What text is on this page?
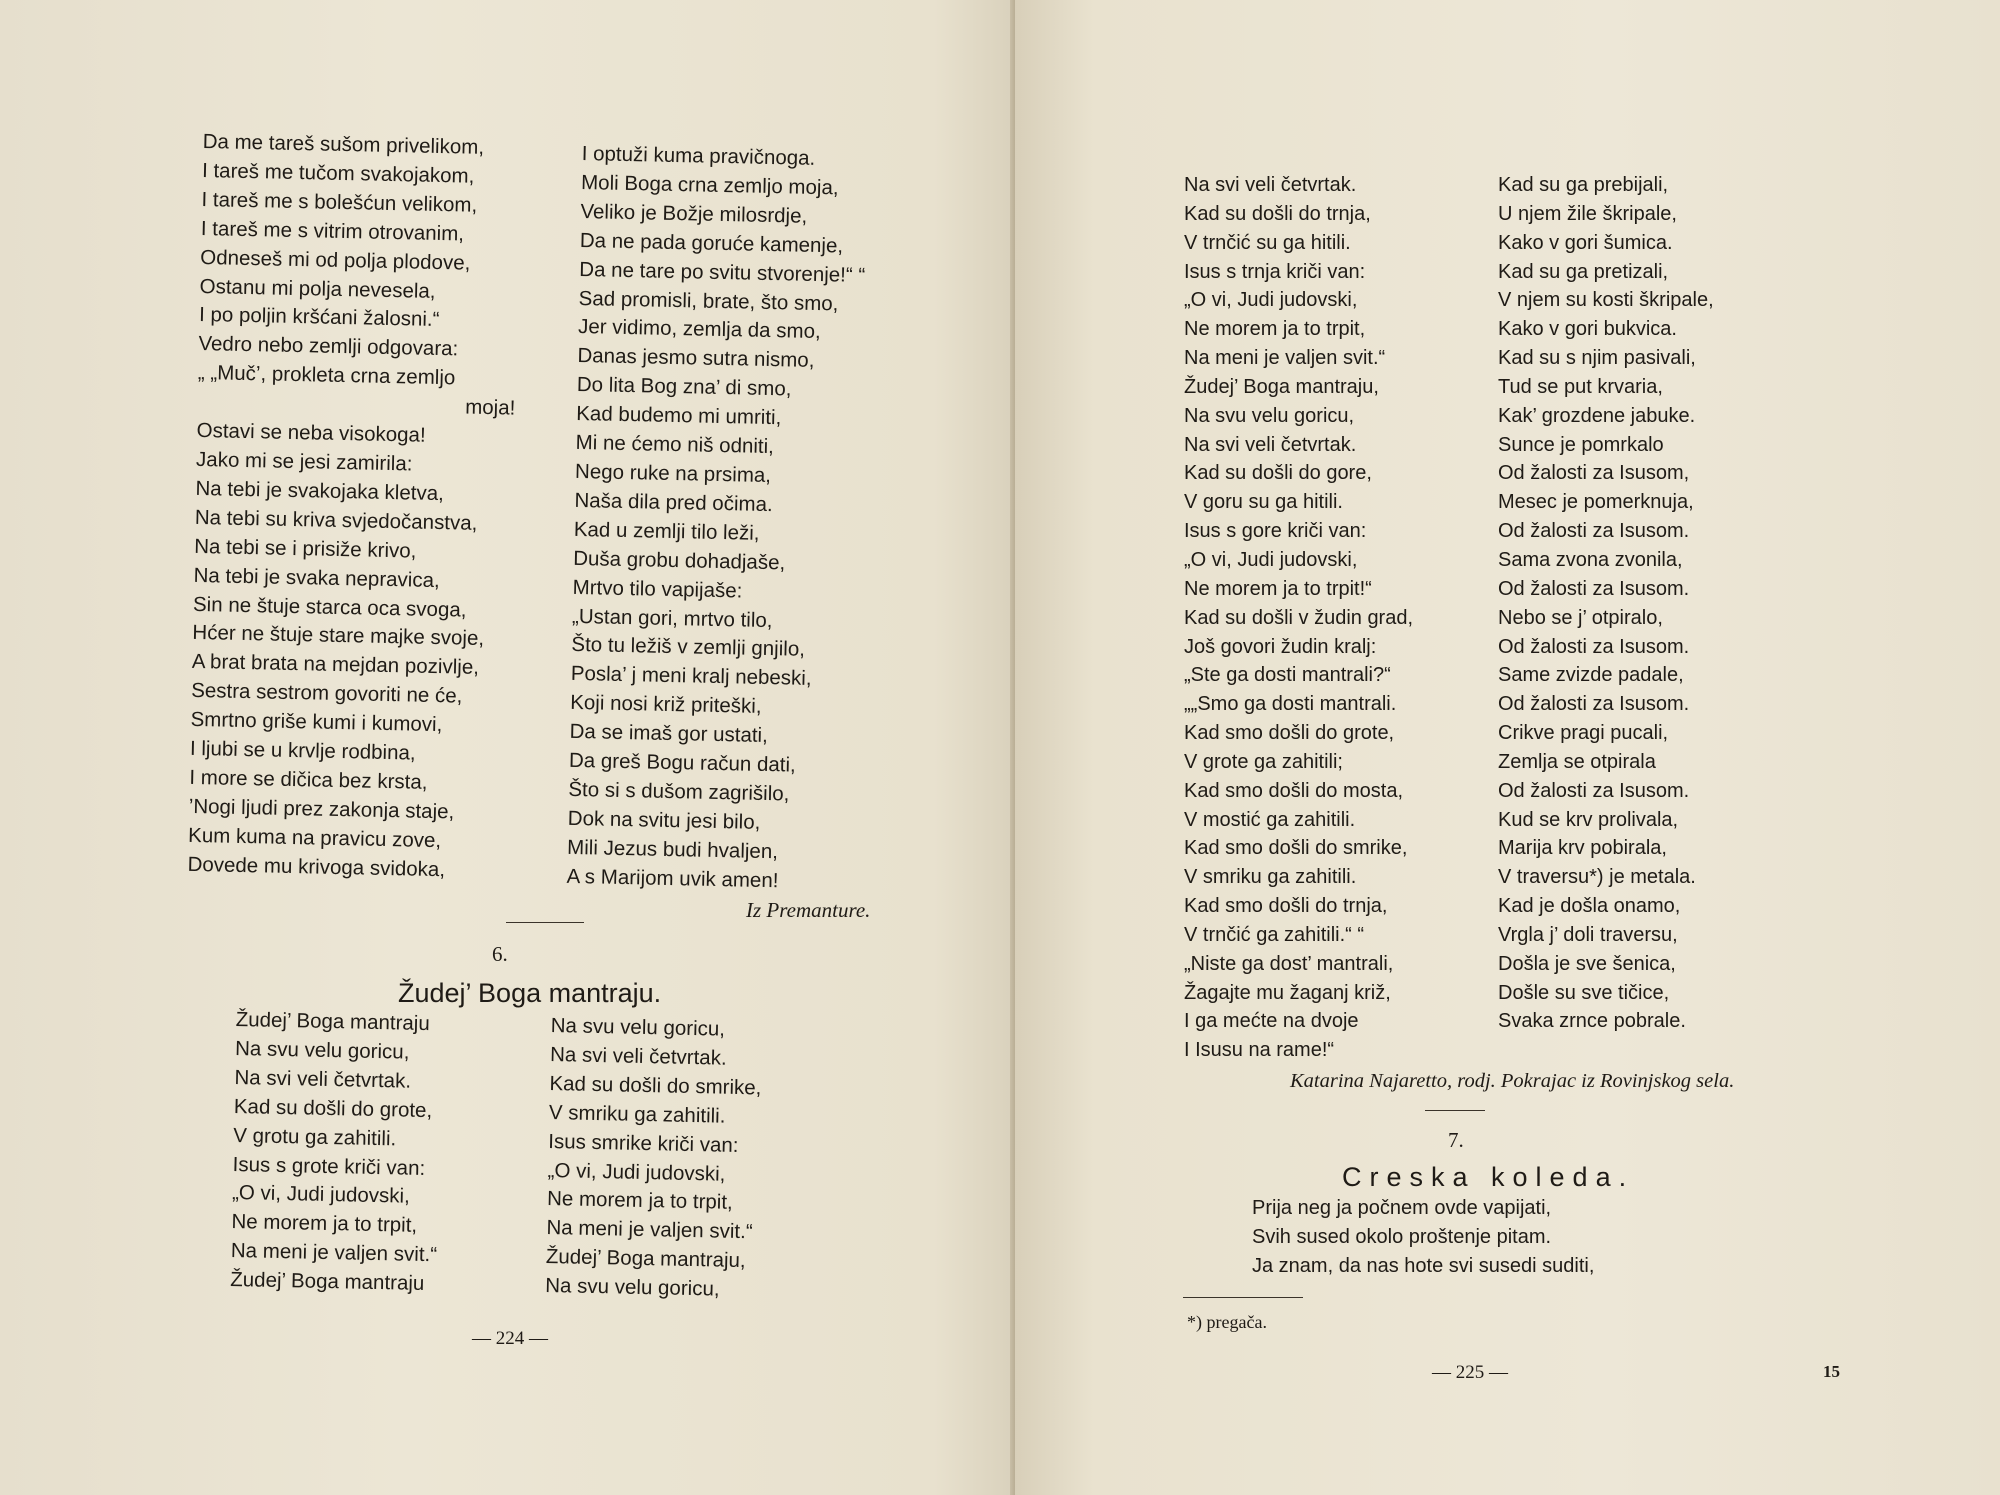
Da me tareš sušom privelikom,
I tareš me tučom svakojakom,
I tareš me s bolešćun velikom,
I tareš me s vitrim otrovanim,
Odneseš mi od polja plodove,
Ostanu mi polja nevesela,
I po poljin kršćani žalosni.“
Vedro nebo zemlji odgovara:
„ „Muč’, prokleta crna zemljo
moja!
Ostavi se neba visokoga!
Jako mi se jesi zamirila:
Na tebi je svakojaka kletva,
Na tebi su kriva svjedočanstva,
Na tebi se i prisiže krivo,
Na tebi je svaka nepravica,
Sin ne štuje starca oca svoga,
Hćer ne štuje stare majke svoje,
A brat brata na mejdan pozivlje,
Sestra sestrom govoriti ne će,
Smrtno griše kumi i kumovi,
I ljubi se u krvlje rodbina,
I more se dičica bez krsta,
’Nogi ljudi prez zakonja staje,
Kum kuma na pravicu zove,
Dovede mu krivoga svidoka,
I optuži kuma pravičnoga.
Moli Boga crna zemljo moja,
Veliko je Božje milosrdje,
Da ne pada goruće kamenje,
Da ne tare po svitu stvorenje!“ “
Sad promisli, brate, što smo,
Jer vidimo, zemlja da smo,
Danas jesmo sutra nismo,
Do lita Bog zna’ di smo,
Kad budemo mi umriti,
Mi ne ćemo niš odniti,
Nego ruke na prsima,
Naša dila pred očima.
Kad u zemlji tilo leži,
Duša grobu dohadjaše,
Mrtvo tilo vapijaše:
„Ustan gori, mrtvo tilo,
Što tu ležiš v zemlji gnjilo,
Posla’ j meni kralj nebeski,
Koji nosi križ priteški,
Da se imaš gor ustati,
Da greš Bogu račun dati,
Što si s dušom zagrišilo,
Dok na svitu jesi bilo,
Mili Jezus budi hvaljen,
A s Marijom uvik amen!
Iz Premanture.
6.
Žudej’ Boga mantraju.
Žudej’ Boga mantraju
Na svu velu goricu,
Na svi veli četvrtak.
Kad su došli do grote,
V grotu ga zahitili.
Isus s grote kriči van:
„O vi, Judi judovski,
Ne morem ja to trpit,
Na meni je valjen svit.“
Žudej’ Boga mantraju
Na svu velu goricu,
Na svi veli četvrtak.
Kad su došli do smrike,
V smriku ga zahitili.
Isus smrike kriči van:
„O vi, Judi judovski,
Ne morem ja to trpit,
Na meni je valjen svit.“
Žudej’ Boga mantraju,
Na svu velu goricu,
— 224 —
Na svi veli četvrtak.
Kad su došli do trnja,
V trnčić su ga hitili.
Isus s trnja kriči van:
„O vi, Judi judovski,
Ne morem ja to trpit,
Na meni je valjen svit.“
Žudej’ Boga mantraju,
Na svu velu goricu,
Na svi veli četvrtak.
Kad su došli do gore,
V goru su ga hitili.
Isus s gore kriči van:
„O vi, Judi judovski,
Ne morem ja to trpit!“
Kad su došli v žudin grad,
Još govori žudin kralj:
„Ste ga dosti mantrali?“
„„Smo ga dosti mantrali.
Kad smo došli do grote,
V grote ga zahitili;
Kad smo došli do mosta,
V mostić ga zahitili.
Kad smo došli do smrike,
V smriku ga zahitili.
Kad smo došli do trnja,
V trnčić ga zahitili.“ “
„Niste ga dost’ mantrali,
Žagajte mu žaganj križ,
I ga mećte na dvoje
I Isusu na rame!“
Kad su ga prebijali,
U njem žile škripale,
Kako v gori šumica.
Kad su ga pretizali,
V njem su kosti škripale,
Kako v gori bukvica.
Kad su s njim pasivali,
Tud se put krvaria,
Kak’ grozdene jabuke.
Sunce je pomrkalo
Od žalosti za Isusom,
Mesec je pomerknuja,
Od žalosti za Isusom.
Sama zvona zvonila,
Od žalosti za Isusom.
Nebo se j’ otpiralo,
Od žalosti za Isusom.
Same zvizde padale,
Od žalosti za Isusom.
Crikve pragi pucali,
Zemlja se otpirala
Od žalosti za Isusom.
Kud se krv prolivala,
Marija krv pobirala,
V traversu*) je metala.
Kad je došla onamo,
Vrgla j’ doli traversu,
Došla je sve šenica,
Došle su sve tičice,
Svaka zrnce pobrale.
Katarina Najaretto, rodj. Pokrajac iz Rovinjskog sela.
7.
Creska koleda.
Prija neg ja počnem ovde vapijati,
Svih sused okolo proštenje pitam.
Ja znam, da nas hote svi susedi suditi,
*) pregača.
— 225 —	15
